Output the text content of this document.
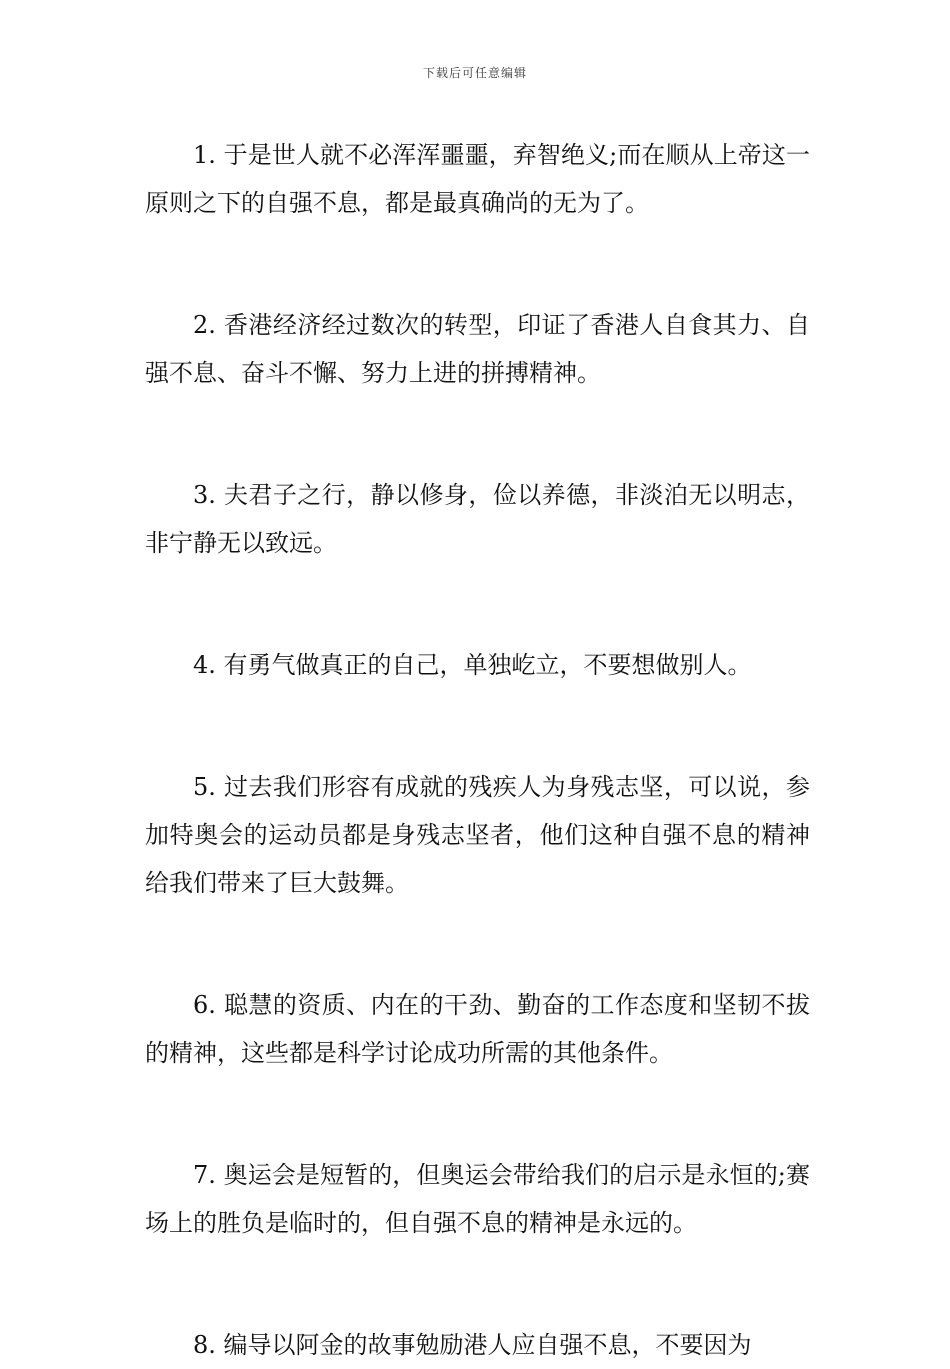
下载后可任意编辑

1. 于是世人就不必浑浑噩噩，弃智绝义;而在顺从上帝这一原则之下的自强不息，都是最真确尚的无为了。

2. 香港经济经过数次的转型，印证了香港人自食其力、自强不息、奋斗不懈、努力上进的拼搏精神。

3. 夫君子之行，静以修身，俭以养德，非淡泊无以明志，非宁静无以致远。

4. 有勇气做真正的自己，单独屹立，不要想做别人。

5. 过去我们形容有成就的残疾人为身残志坚，可以说，参加特奥会的运动员都是身残志坚者，他们这种自强不息的精神给我们带来了巨大鼓舞。

6. 聪慧的资质、内在的干劲、勤奋的工作态度和坚韧不拔的精神，这些都是科学讨论成功所需的其他条件。

7. 奥运会是短暂的，但奥运会带给我们的启示是永恒的;赛场上的胜负是临时的，但自强不息的精神是永远的。

8. 编导以阿金的故事勉励港人应自强不息，不要因为
